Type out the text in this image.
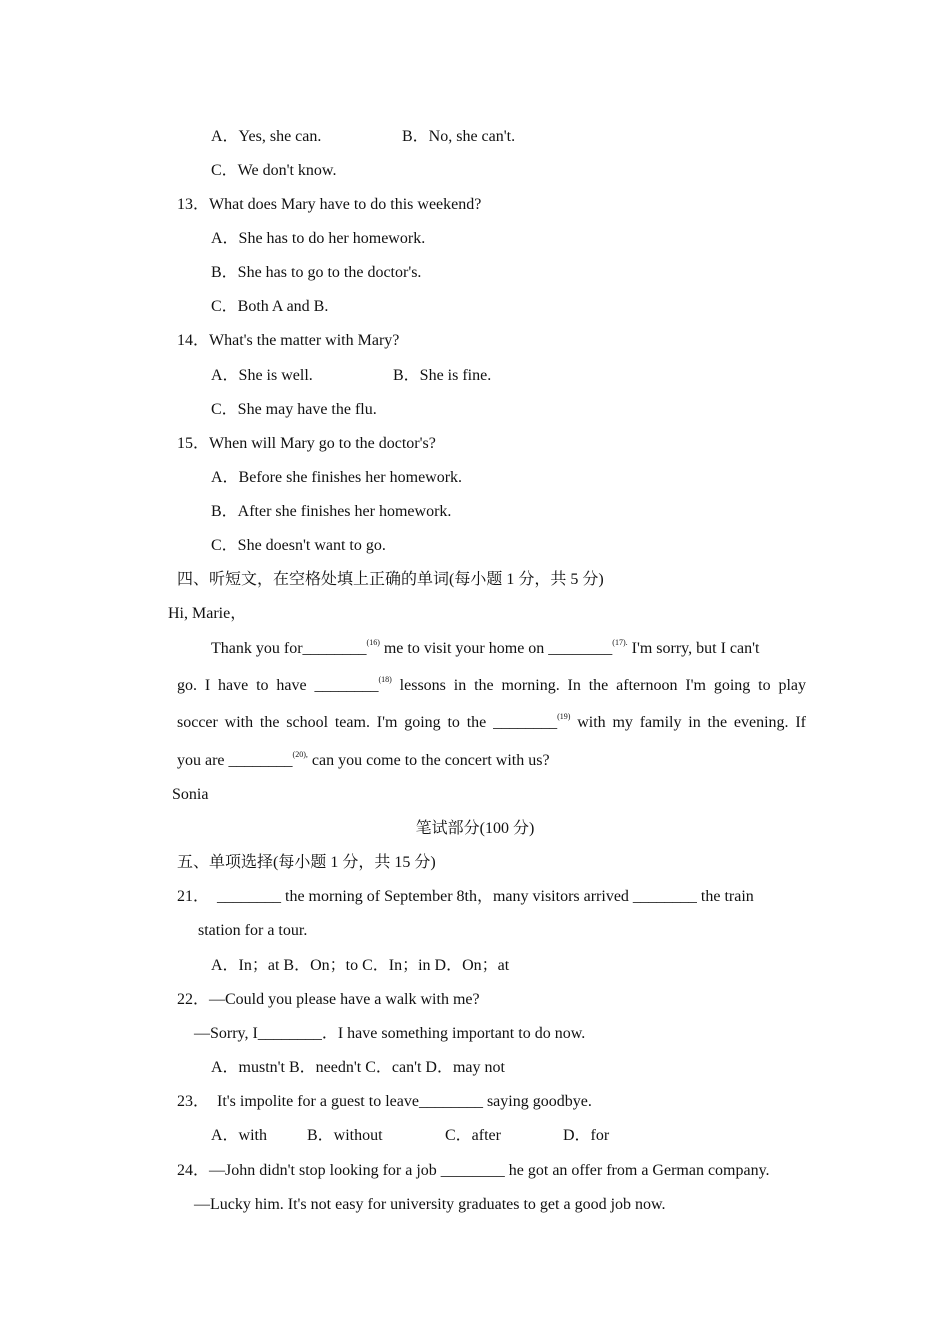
A．Yes, she can.	B．No, she can't.
C．We don't know.
13．What does Mary have to do this weekend?
A．She has to do her homework.
B．She has to go to the doctor's.
C．Both A and B.
14．What's the matter with Mary?
A．She is well.	B．She is fine.
C．She may have the flu.
15．When will Mary go to the doctor's?
A．Before she finishes her homework.
B．After she finishes her homework.
C．She doesn't want to go.
四、听短文，在空格处填上正确的单词(每小题 1 分，共 5 分)
Hi, Marie，
Thank you for________$^{(16)}$ me to visit your home on ________$^{(17).}$ I'm sorry, but I can't
go. I have to have ________$^{(18)}$ lessons in the morning. In the afternoon I'm going to play
soccer with the school team. I'm going to the ________$^{(19)}$ with my family in the evening. If
you are ________$^{(20),}$ can you come to the concert with us?
Sonia
笔试部分(100 分)
五、单项选择(每小题 1 分，共 15 分)
21．  ________ the morning of September 8th，many visitors arrived ________ the train
station for a tour.
A．In；at B．On；to C．In；in D．On；at
22．—Could you please have a walk with me?
—Sorry, I________．I have something important to do now.
A．mustn't B．needn't C．can't D．may not
23．  It's impolite for a guest to leave________ saying goodbye.
A．with B．without	C．after	D．for
24．—John didn't stop looking for a job ________ he got an offer from a German company.
—Lucky him. It's not easy for university graduates to get a good job now.
